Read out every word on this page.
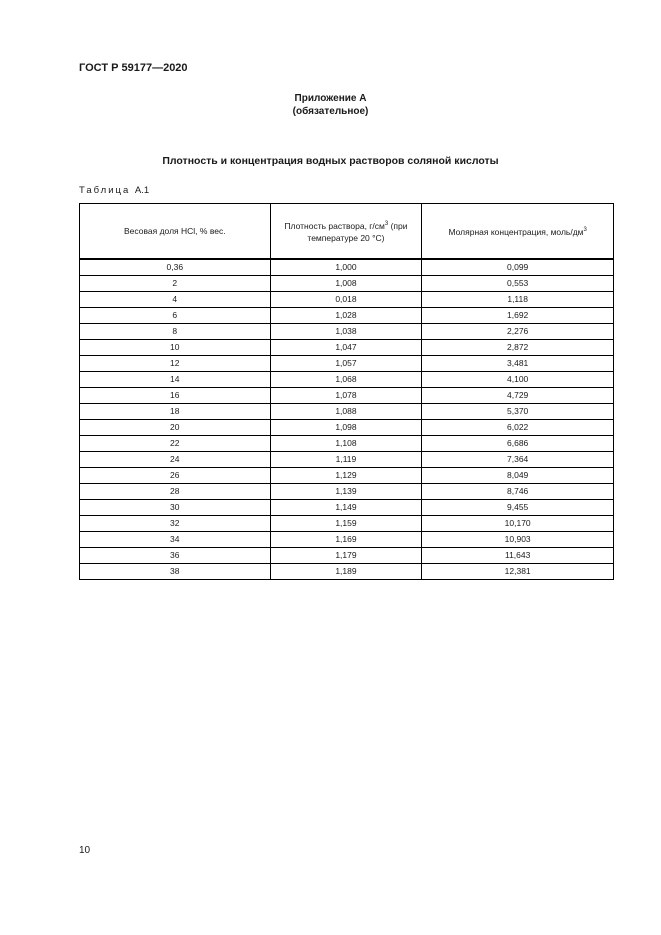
ГОСТ Р 59177—2020
Приложение А
(обязательное)
Плотность и концентрация водных растворов соляной кислоты
Таблица А.1
Весовая доля HCl, % вес.	Плотность раствора, $г/см^3$ (при температуре 20 °С)	Молярная концентрация, моль/$дм^3$
0,36	1,000	0,099
2	1,008	0,553
4	0,018	1,118
6	1,028	1,692
8	1,038	2,276
10	1,047	2,872
12	1,057	3,481
14	1,068	4,100
16	1,078	4,729
18	1,088	5,370
20	1,098	6,022
22	1,108	6,686
24	1,119	7,364
26	1,129	8,049
28	1,139	8,746
30	1,149	9,455
32	1,159	10,170
34	1,169	10,903
36	1,179	11,643
38	1,189	12,381
10
